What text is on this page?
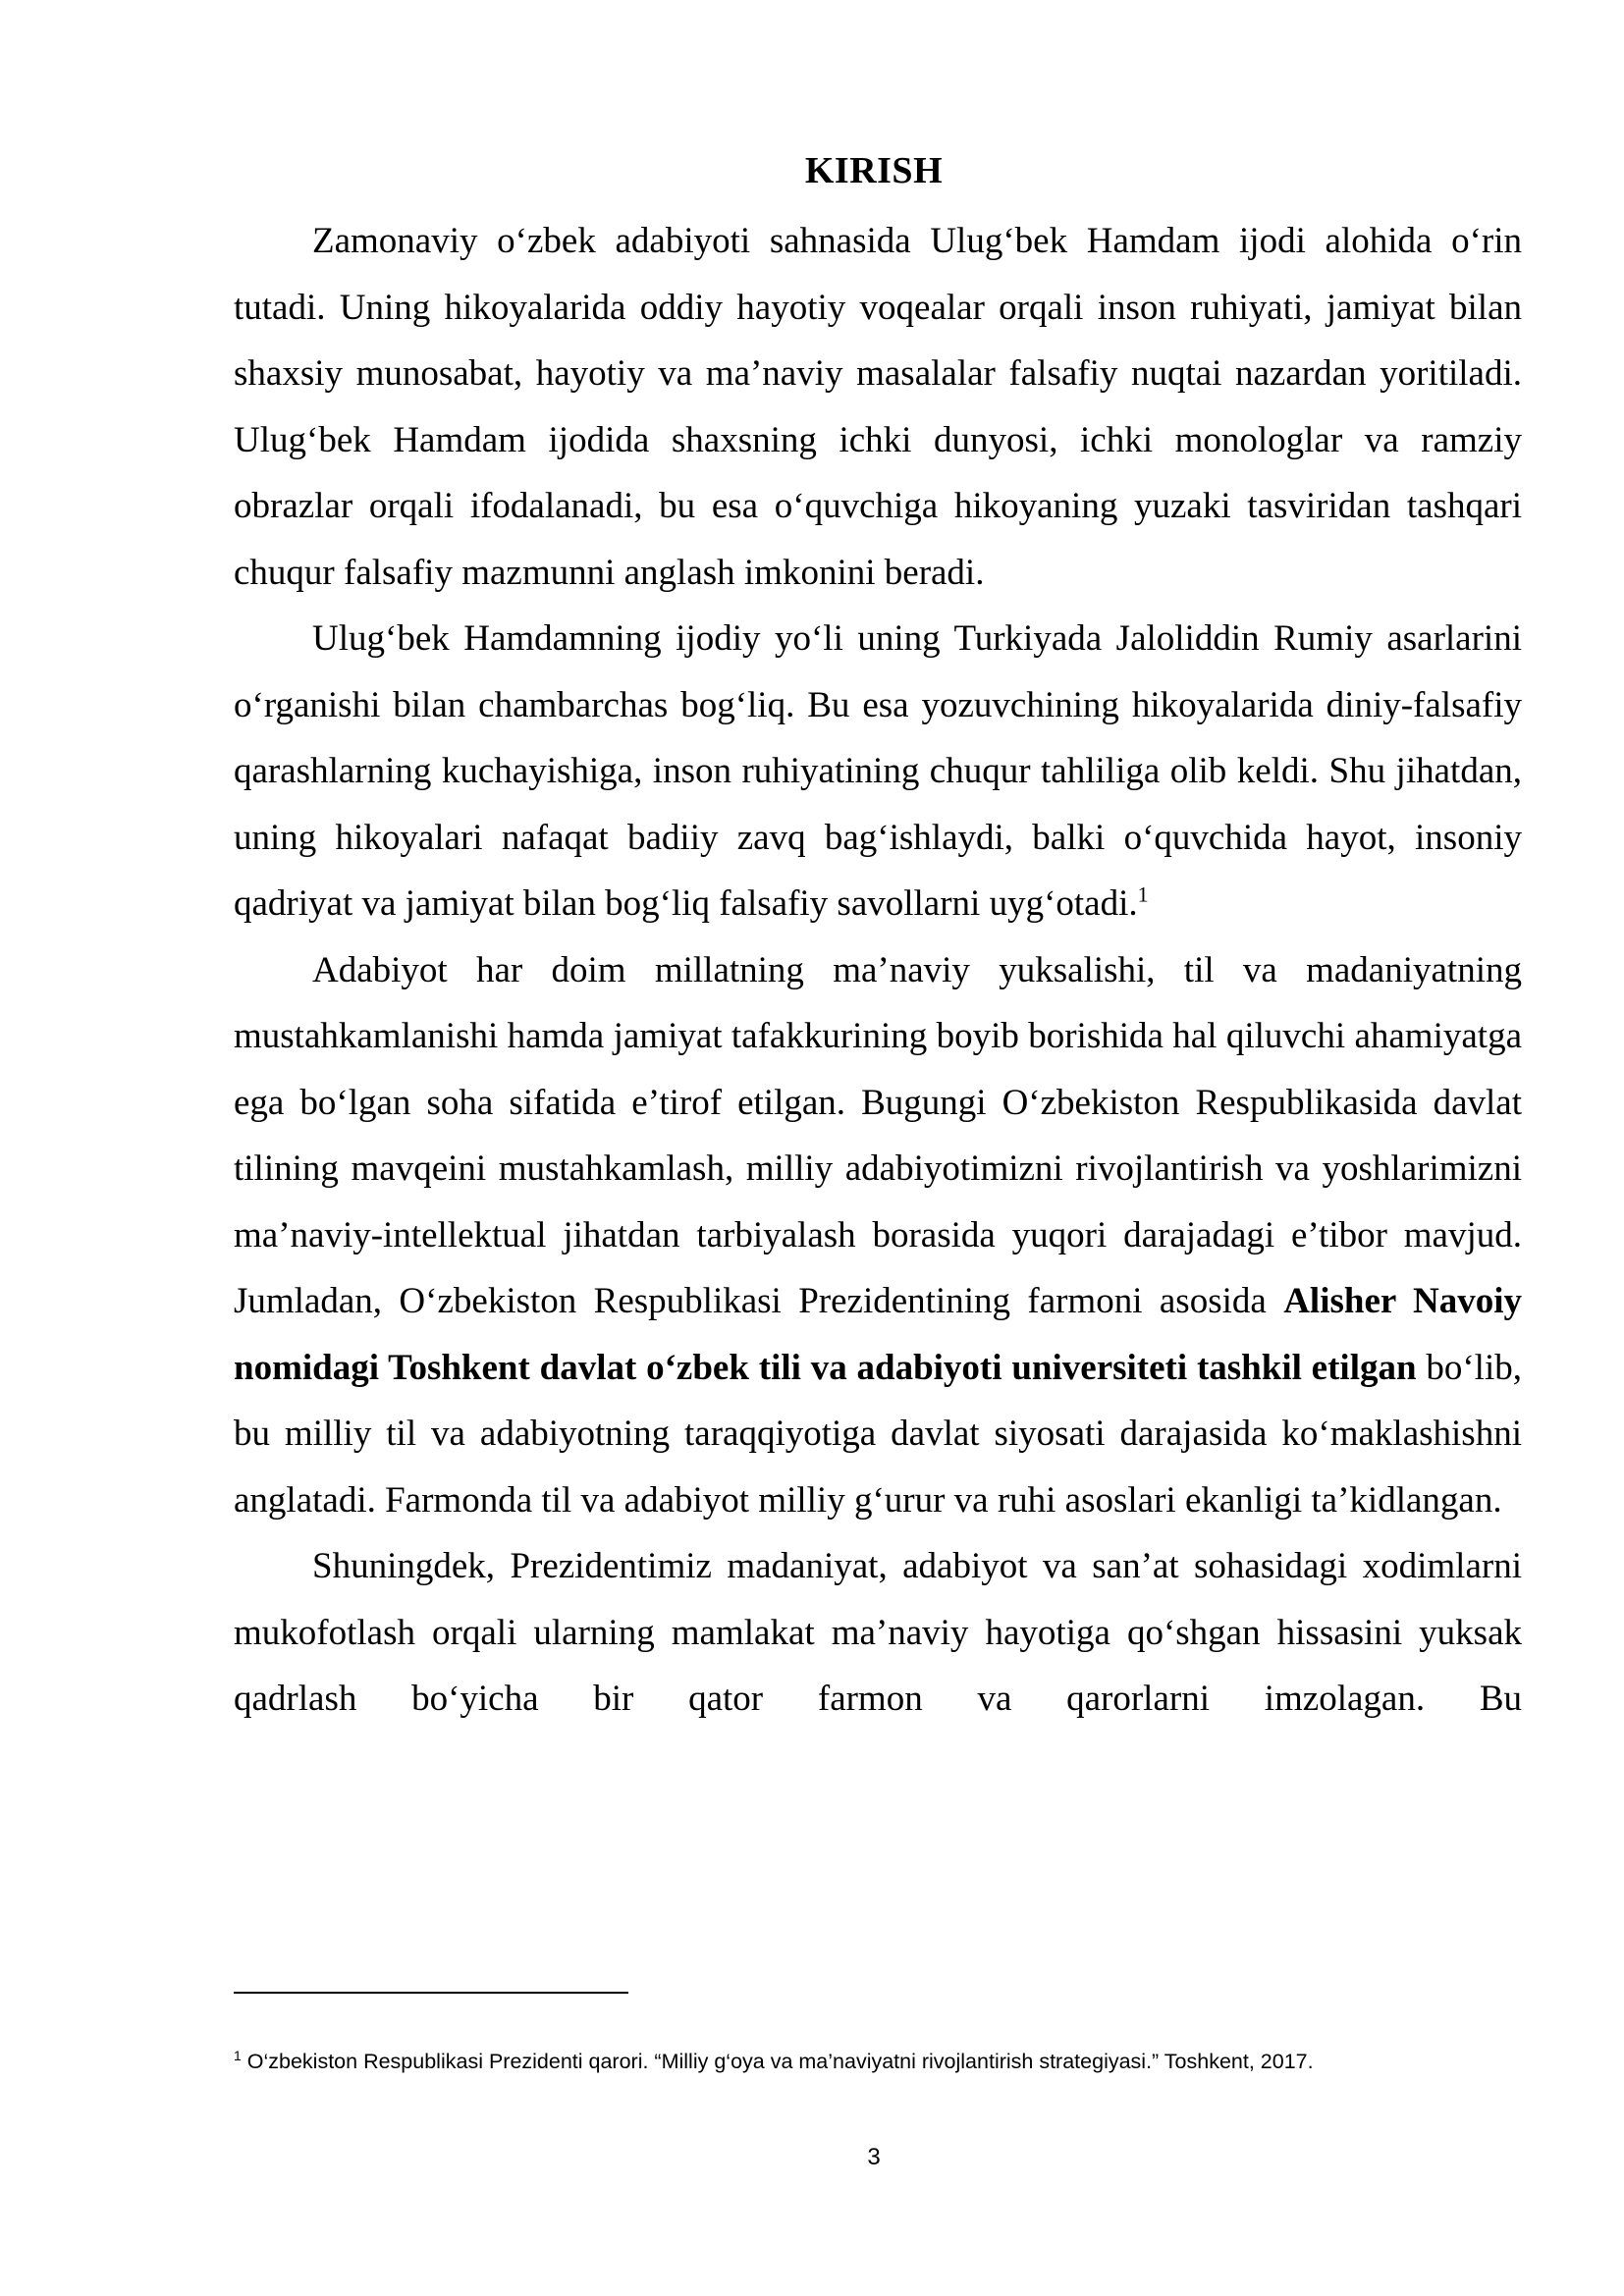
KIRISH

Zamonaviy o‘zbek adabiyoti sahnasida Ulug‘bek Hamdam ijodi alohida o‘rin tutadi. Uning hikoyalarida oddiy hayotiy voqealar orqali inson ruhiyati, jamiyat bilan shaxsiy munosabat, hayotiy va ma’naviy masalalar falsafiy nuqtai nazardan yoritiladi. Ulug‘bek Hamdam ijodida shaxsning ichki dunyosi, ichki monologlar va ramziy obrazlar orqali ifodalanadi, bu esa o‘quvchiga hikoyaning yuzaki tasviridan tashqari chuqur falsafiy mazmunni anglash imkonini beradi.

Ulug‘bek Hamdamning ijodiy yo‘li uning Turkiyada Jaloliddin Rumiy asarlarini o‘rganishi bilan chambarchas bog‘liq. Bu esa yozuvchining hikoyalarida diniy-falsafiy qarashlarning kuchayishiga, inson ruhiyatining chuqur tahliliga olib keldi. Shu jihatdan, uning hikoyalari nafaqat badiiy zavq bag‘ishlaydi, balki o‘quvchida hayot, insoniy qadriyat va jamiyat bilan bog‘liq falsafiy savollarni uyg‘otadi.$^1$

Adabiyot har doim millatning ma’naviy yuksalishi, til va madaniyatning mustahkamlanishi hamda jamiyat tafakkurining boyib borishida hal qiluvchi ahamiyatga ega bo‘lgan soha sifatida e’tirof etilgan. Bugungi O‘zbekiston Respublikasida davlat tilining mavqeini mustahkamlash, milliy adabiyotimizni rivojlantirish va yoshlarimizni ma’naviy-intellektual jihatdan tarbiyalash borasida yuqori darajadagi e’tibor mavjud. Jumladan, O‘zbekiston Respublikasi Prezidentining farmoni asosida Alisher Navoiy nomidagi Toshkent davlat o‘zbek tili va adabiyoti universiteti tashkil etilgan bo‘lib, bu milliy til va adabiyotning taraqqiyotiga davlat siyosati darajasida ko‘maklashishni anglatadi. Farmonda til va adabiyot milliy g‘urur va ruhi asoslari ekanligi ta’kidlangan.

Shuningdek, Prezidentimiz madaniyat, adabiyot va san’at sohasidagi xodimlarni mukofotlash orqali ularning mamlakat ma’naviy hayotiga qo‘shgan hissasini yuksak qadrlash bo‘yicha bir qator farmon va qarorlarni imzolagan. Bu

$^1$ O‘zbekiston Respublikasi Prezidenti qarori. “Milliy g‘oya va ma’naviyatni rivojlantirish strategiyasi.” Toshkent, 2017.
3
